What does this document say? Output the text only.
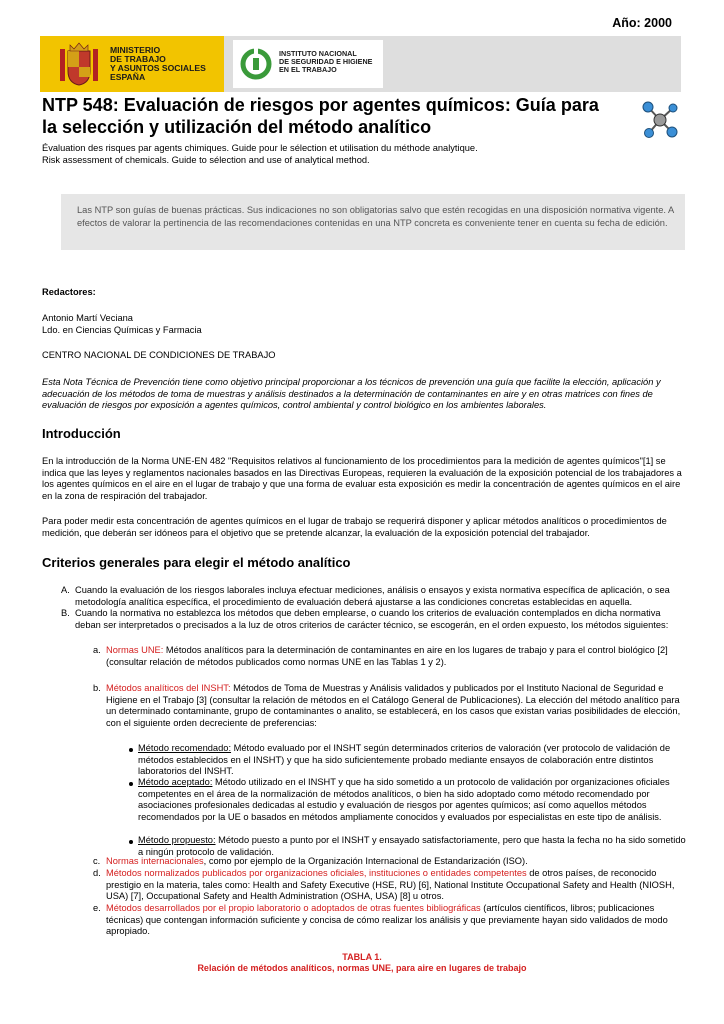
Año: 2000
MINISTERIO
DE TRABAJO
Y ASUNTOS SOCIALES
ESPAÑA
INSTITUTO NACIONAL
DE SEGURIDAD E HIGIENE
EN EL TRABAJO
NTP 548: Evaluación de riesgos por agentes químicos: Guía para la selección y utilización del método analítico
Évaluation des risques par agents chimiques. Guide pour le sélection et utilisation du méthode analytique.
Risk assessment of chemicals. Guide to sélection and use of analytical method.

Las NTP son guías de buenas prácticas. Sus indicaciones no son obligatorias salvo que estén recogidas en una disposición normativa vigente. A efectos de valorar la pertinencia de las recomendaciones contenidas en una NTP concreta es conveniente tener en cuenta su fecha de edición.

Redactores:
Antonio Martí Veciana
Ldo. en Ciencias Químicas y Farmacia
CENTRO NACIONAL DE CONDICIONES DE TRABAJO
Esta Nota Técnica de Prevención tiene como objetivo principal proporcionar a los técnicos de prevención una guía que facilite la elección, aplicación y adecuación de los métodos de toma de muestras y análisis destinados a la determinación de contaminantes en aire y en otras matrices con fines de evaluación de riesgos por exposición a agentes químicos, control ambiental y control biológico en los ambientes laborales.
Introducción
En la introducción de la Norma UNE-EN 482 "Requisitos relativos al funcionamiento de los procedimientos para la medición de agentes químicos"[1] se indica que las leyes y reglamentos nacionales basados en las Directivas Europeas, requieren la evaluación de la exposición potencial de los trabajadores a los agentes químicos en el aire en el lugar de trabajo y que una forma de evaluar esta exposición es medir la concentración de agentes químicos en el aire en la zona de respiración del trabajador.
Para poder medir esta concentración de agentes químicos en el lugar de trabajo se requerirá disponer y aplicar métodos analíticos o procedimientos de medición, que deberán ser idóneos para el objetivo que se pretende alcanzar, la evaluación de la exposición potencial del trabajador.
Criterios generales para elegir el método analítico
A. Cuando la evaluación de los riesgos laborales incluya efectuar mediciones, análisis o ensayos y exista normativa específica de aplicación, o sea metodología analítica específica, el procedimiento de evaluación deberá ajustarse a las condiciones concretas establecidas en aquella.
B. Cuando la normativa no establezca los métodos que deben emplearse, o cuando los criterios de evaluación contemplados en dicha normativa deban ser interpretados o precisados a la luz de otros criterios de carácter técnico, se escogerán, en el orden expuesto, los métodos siguientes:
a. Normas UNE: Métodos analíticos para la determinación de contaminantes en aire en los lugares de trabajo y para el control biológico [2] (consultar relación de métodos publicados como normas UNE en las Tablas 1 y 2).
b. Métodos analíticos del INSHT: Métodos de Toma de Muestras y Análisis validados y publicados por el Instituto Nacional de Seguridad e Higiene en el Trabajo [3] (consultar la relación de métodos en el Catálogo General de Publicaciones). La elección del método analítico para un determinado contaminante, grupo de contaminantes o analito, se establecerá, en los casos que existan varias posibilidades de elección, con el siguiente orden decreciente de preferencias:
Método recomendado: Método evaluado por el INSHT según determinados criterios de valoración (ver protocolo de validación de métodos establecidos en el INSHT) y que ha sido suficientemente probado mediante ensayos de colaboración entre distintos laboratorios del INSHT.
Método aceptado: Método utilizado en el INSHT y que ha sido sometido a un protocolo de validación por organizaciones oficiales competentes en el área de la normalización de métodos analíticos, o bien ha sido adoptado como método recomendado por asociaciones profesionales dedicadas al estudio y evaluación de riesgos por agentes químicos; así como aquellos métodos recomendados por la UE o basados en métodos ampliamente conocidos y evaluados por especialistas en este tipo de análisis.
Método propuesto: Método puesto a punto por el INSHT y ensayado satisfactoriamente, pero que hasta la fecha no ha sido sometido a ningún protocolo de validación.
c. Normas internacionales, como por ejemplo de la Organización Internacional de Estandarización (ISO).
d. Métodos normalizados publicados por organizaciones oficiales, instituciones o entidades competentes de otros países, de reconocido prestigio en la materia, tales como: Health and Safety Executive (HSE, RU) [6], National Institute Occupational Safety and Health (NIOSH, USA) [7], Occupational Safety and Health Administration (OSHA, USA) [8] u otros.
e. Métodos desarrollados por el propio laboratorio o adoptados de otras fuentes bibliográficas (artículos científicos, libros; publicaciones técnicas) que contengan información suficiente y concisa de cómo realizar los análisis y que previamente hayan sido validados de modo apropiado.
TABLA 1.
Relación de métodos analíticos, normas UNE, para aire en lugares de trabajo
